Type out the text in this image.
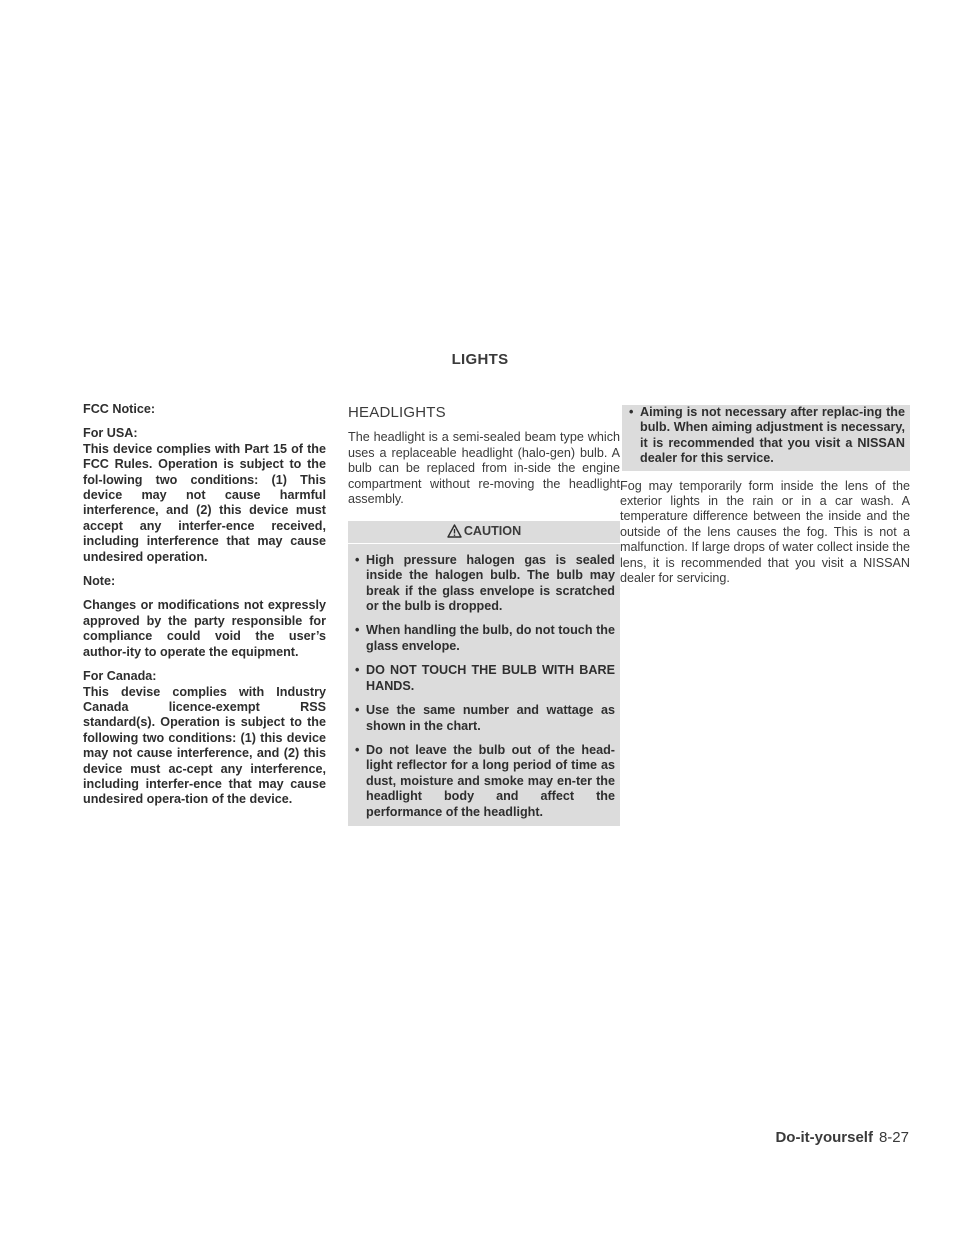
LIGHTS

FCC Notice:

For USA:

This device complies with Part 15 of the FCC Rules. Operation is subject to the fol-lowing two conditions: (1) This device may not cause harmful interference, and (2) this device must accept any interfer-ence received, including interference that may cause undesired operation.

Note:

Changes or modifications not expressly approved by the party responsible for compliance could void the user’s author-ity to operate the equipment.

For Canada:

This devise complies with Industry Canada licence-exempt RSS standard(s). Operation is subject to the following two conditions: (1) this device may not cause interference, and (2) this device must ac-cept any interference, including interfer-ence that may cause undesired opera-tion of the device.

HEADLIGHTS

The headlight is a semi-sealed beam type which uses a replaceable headlight (halo-gen) bulb. A bulb can be replaced from in-side the engine compartment without re-moving the headlight assembly.

CAUTION
• High pressure halogen gas is sealed inside the halogen bulb. The bulb may break if the glass envelope is scratched or the bulb is dropped.
• When handling the bulb, do not touch the glass envelope.
• DO NOT TOUCH THE BULB WITH BARE HANDS.
• Use the same number and wattage as shown in the chart.
• Do not leave the bulb out of the head-light reflector for a long period of time as dust, moisture and smoke may en-ter the headlight body and affect the performance of the headlight.
• Aiming is not necessary after replac-ing the bulb. When aiming adjustment is necessary, it is recommended that you visit a NISSAN dealer for this service.

Fog may temporarily form inside the lens of the exterior lights in the rain or in a car wash. A temperature difference between the inside and the outside of the lens causes the fog. This is not a malfunction. If large drops of water collect inside the lens, it is recommended that you visit a NISSAN dealer for servicing.

Do-it-yourself 8-27
